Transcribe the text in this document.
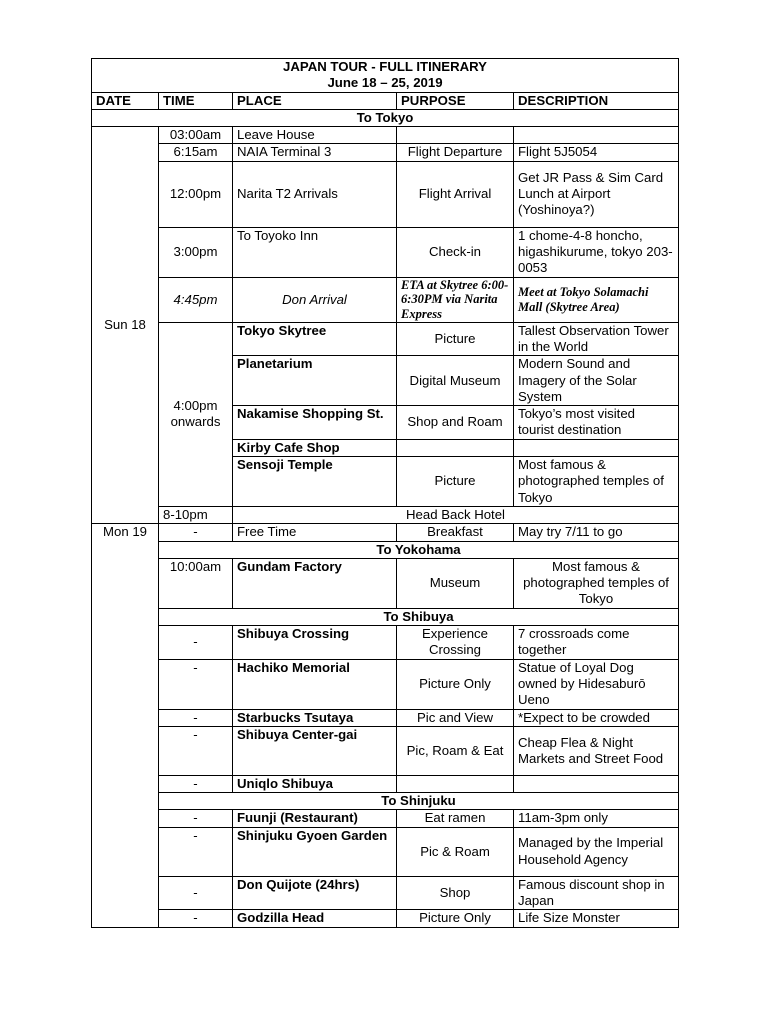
JAPAN TOUR - FULL ITINERARY
June 18 – 25, 2019				

DATE	TIME	PLACE	PURPOSE	DESCRIPTION
To Tokyo				
Sun 18	03:00am	Leave House		
	6:15am	NAIA Terminal 3	Flight Departure	Flight 5J5054
	12:00pm	Narita T2 Arrivals	Flight Arrival	Get JR Pass & Sim Card Lunch at Airport (Yoshinoya?)
	3:00pm	To Toyoko Inn	Check-in	1 chome-4-8 honcho, higashikurume, tokyo 203-0053
	4:45pm	Don Arrival	ETA at Skytree 6:00-6:30PM via Narita Express	Meet at Tokyo Solamachi Mall (Skytree Area)
	4:00pm onwards	Tokyo Skytree	Picture	Tallest Observation Tower in the World
		Planetarium	Digital Museum	Modern Sound and Imagery of the Solar System
		Nakamise Shopping St.	Shop and Roam	Tokyo’s most visited tourist destination
		Kirby Cafe Shop		
		Sensoji Temple	Picture	Most famous & photographed temples of Tokyo
	8-10pm	Head Back Hotel		
Mon 19	-	Free Time	Breakfast	May try 7/11 to go
	To Yokohama			
	10:00am	Gundam Factory	Museum	Most famous & photographed temples of Tokyo
	To Shibuya			
	-	Shibuya Crossing	Experience Crossing	7 crossroads come together
	-	Hachiko Memorial	Picture Only	Statue of Loyal Dog owned by Hidesaburō Ueno
	-	Starbucks Tsutaya	Pic and View	*Expect to be crowded
	-	Shibuya Center-gai	Pic, Roam & Eat	Cheap Flea & Night Markets and Street Food
	-	Uniqlo Shibuya		
	To Shinjuku			
	-	Fuunji (Restaurant)	Eat ramen	11am-3pm only
	-	Shinjuku Gyoen Garden	Pic & Roam	Managed by the Imperial Household Agency
	-	Don Quijote (24hrs)	Shop	Famous discount shop in Japan
	-	Godzilla Head	Picture Only	Life Size Monster
